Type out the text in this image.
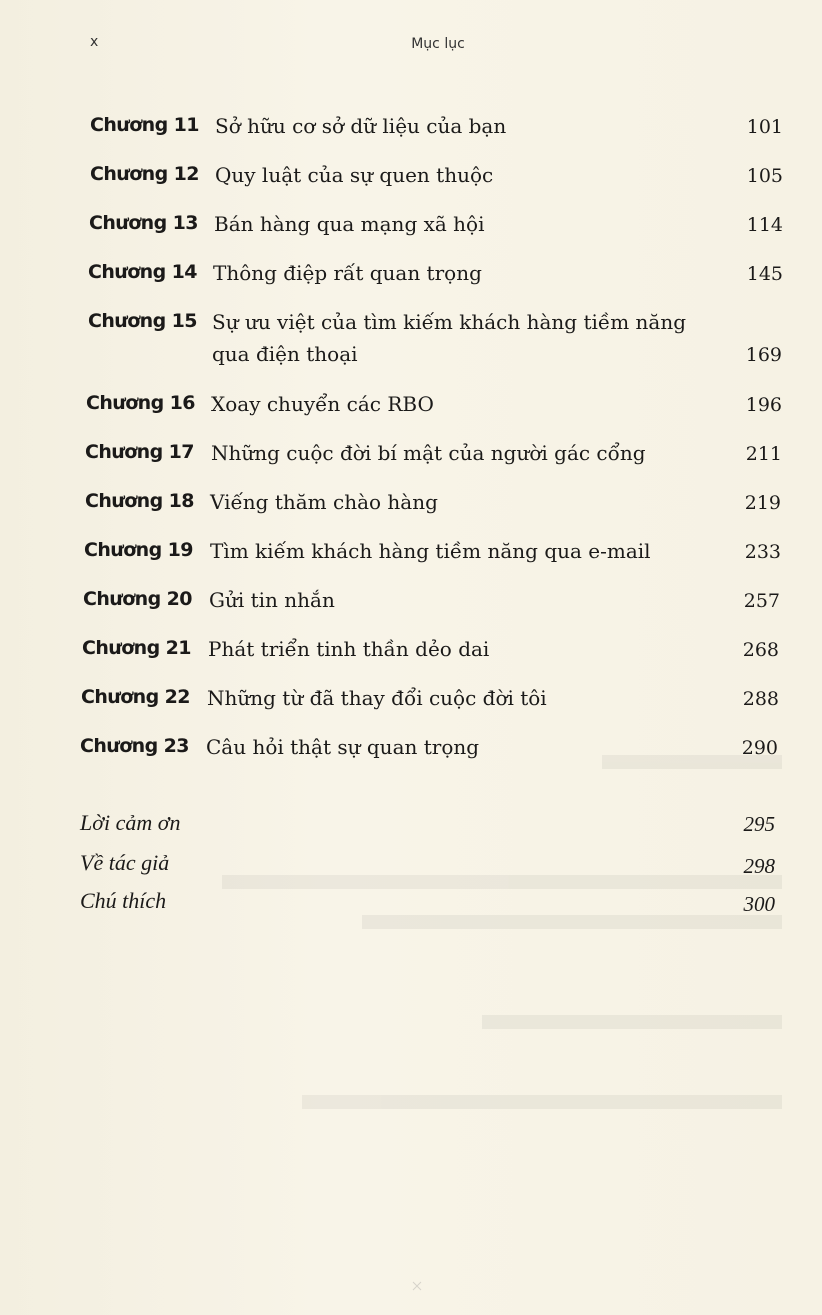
x	Mục lục
Chương 11 Sở hữu cơ sở dữ liệu của bạn	101
Chương 12 Quy luật của sự quen thuộc	105
Chương 13 Bán hàng qua mạng xã hội	114
Chương 14 Thông điệp rất quan trọng	145
Chương 15 Sự ưu việt của tìm kiếm khách hàng tiềm năng
qua điện thoại	169
Chương 16 Xoay chuyển các RBO	196
Chương 17 Những cuộc đời bí mật của người gác cổng	211
Chương 18 Viếng thăm chào hàng	219
Chương 19 Tìm kiếm khách hàng tiềm năng qua e-mail	233
Chương 20 Gửi tin nhắn	257
Chương 21 Phát triển tinh thần dẻo dai	268
Chương 22 Những từ đã thay đổi cuộc đời tôi	288
Chương 23 Câu hỏi thật sự quan trọng	290
Lời cảm ơn	295
Về tác giả	298
Chú thích	300
